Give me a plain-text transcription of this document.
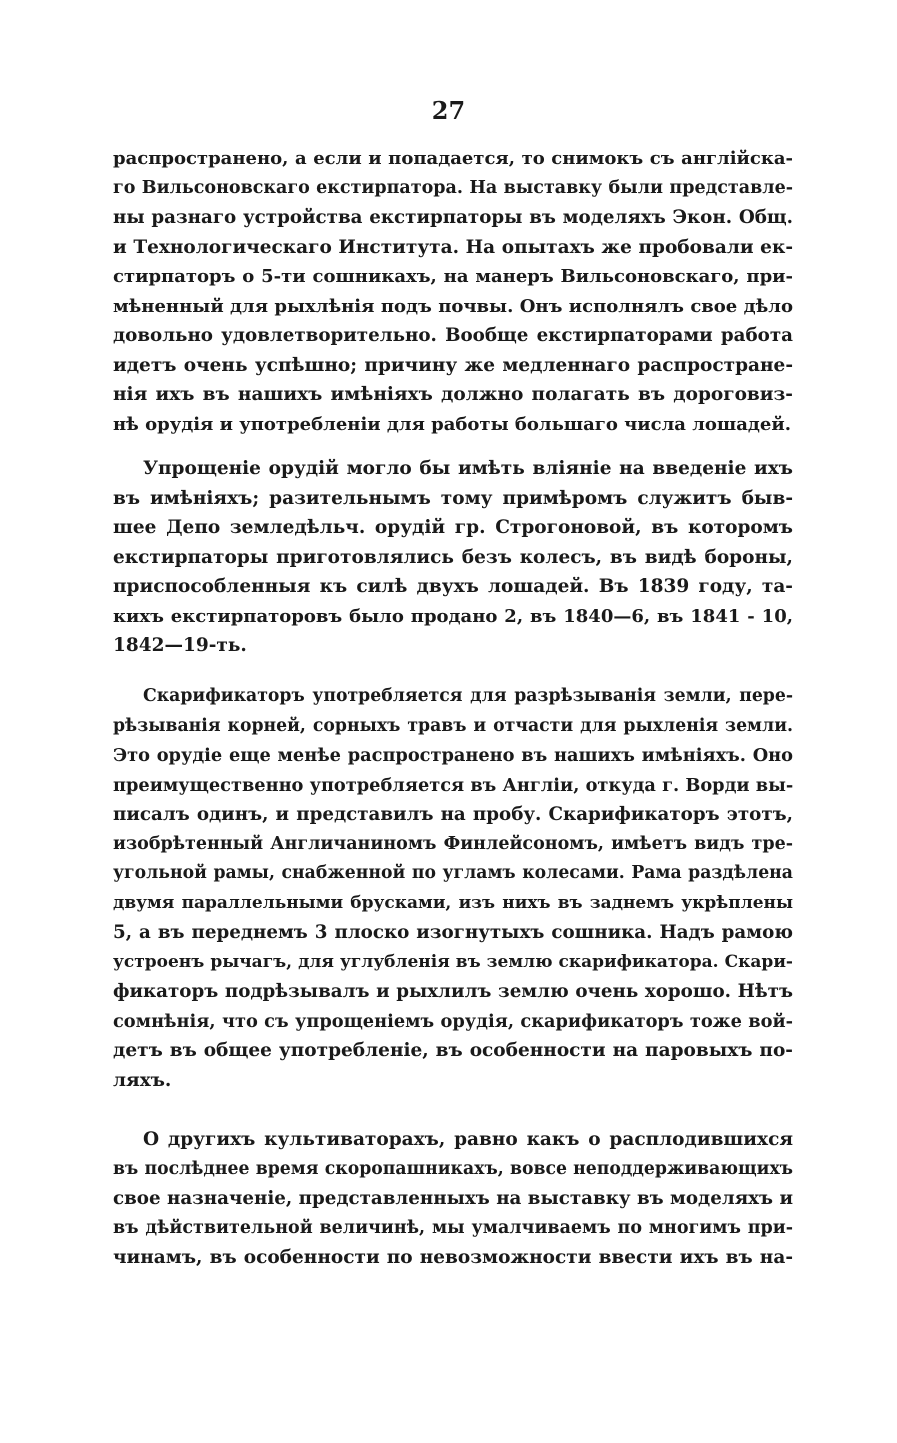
27
распространено, а если и попадается, то снимокъ съ англійска-
го Вильсоновскаго екстирпатора. На выставку были представле-
ны разнаго устройства екстирпаторы въ моделяхъ Экон. Общ.
и Технологическаго Института. На опытахъ же пробовали ек-
стирпаторъ о 5-ти сошникахъ, на манеръ Вильсоновскаго, при-
мѣненный для рыхлѣнія подъ почвы. Онъ исполнялъ свое дѣло
довольно удовлетворительно. Вообще екстирпаторами работа
идетъ очень успѣшно; причину же медленнаго распростране-
нія ихъ въ нашихъ имѣніяхъ должно полагать въ дороговиз-
нѣ орудія и употребленіи для работы большаго числа лошадей.
Упрощеніе орудій могло бы имѣть вліяніе на введеніе ихъ
въ имѣніяхъ; разительнымъ тому примѣромъ служитъ быв-
шее Депо земледѣльч. орудій гр. Строгоновой, въ которомъ
екстирпаторы приготовлялись безъ колесъ, въ видѣ бороны,
приспособленныя къ силѣ двухъ лошадей. Въ 1839 году, та-
кихъ екстирпаторовъ было продано 2, въ 1840—6, въ 1841 - 10,
1842—19-ть.
Скарификаторъ употребляется для разрѣзыванія земли, пере-
рѣзыванія корней, сорныхъ травъ и отчасти для рыхленія земли.
Это орудіе еще менѣе распространено въ нашихъ имѣніяхъ. Оно
преимущественно употребляется въ Англіи, откуда г. Ворди вы-
писалъ одинъ, и представилъ на пробу. Скарификаторъ этотъ,
изобрѣтенный Англичаниномъ Финлейсономъ, имѣетъ видъ тре-
угольной рамы, снабженной по угламъ колесами. Рама раздѣлена
двумя параллельными брусками, изъ нихъ въ заднемъ укрѣплены
5, а въ переднемъ 3 плоско изогнутыхъ сошника. Надъ рамою
устроенъ рычагъ, для углубленія въ землю скарификатора. Скари-
фикаторъ подрѣзывалъ и рыхлилъ землю очень хорошо. Нѣтъ
сомнѣнія, что съ упрощеніемъ орудія, скарификаторъ тоже вой-
детъ въ общее употребленіе, въ особенности на паровыхъ по-
ляхъ.
О другихъ культиваторахъ, равно какъ о расплодившихся
въ послѣднее время скоропашникахъ, вовсе неподдерживающихъ
свое назначеніе, представленныхъ на выставку въ моделяхъ и
въ дѣйствительной величинѣ, мы умалчиваемъ по многимъ при-
чинамъ, въ особенности по невозможности ввести ихъ въ на-
